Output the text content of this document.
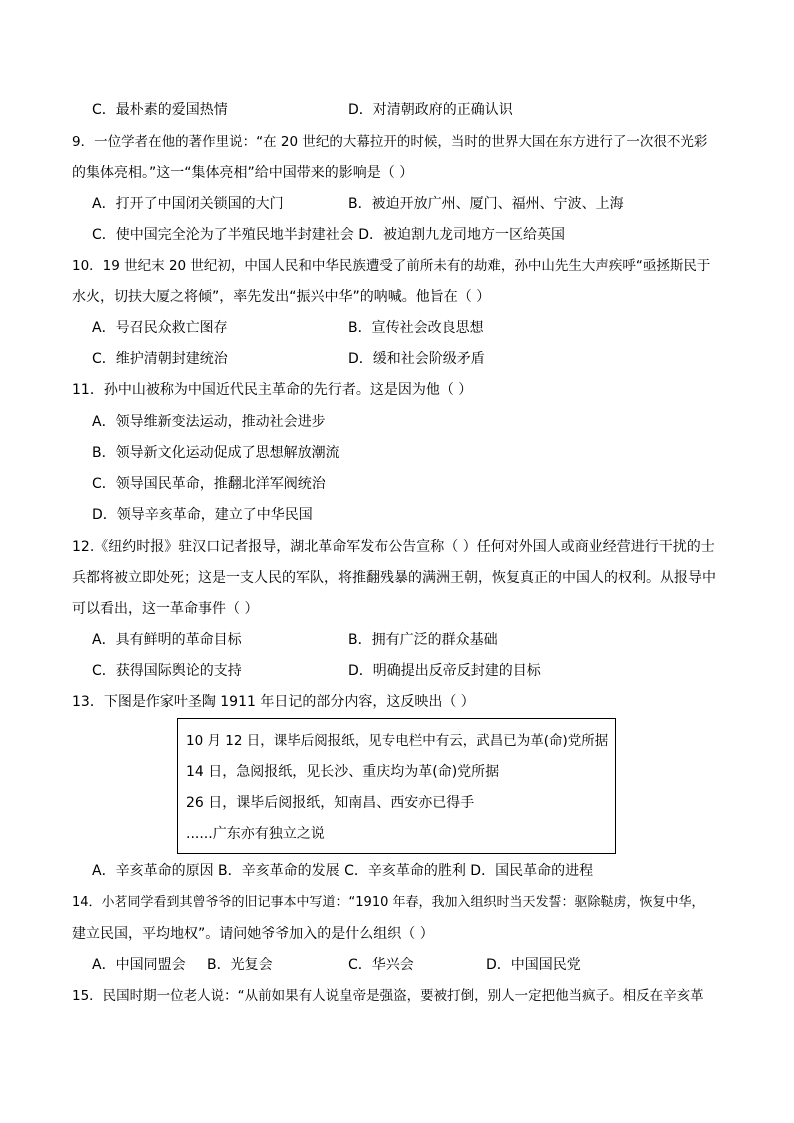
C．最朴素的爱国热情	D．对清朝政府的正确认识
9．一位学者在他的著作里说：“在 20 世纪的大幕拉开的时候，当时的世界大国在东方进行了一次很不光彩
的集体亮相。”这一“集体亮相”给中国带来的影响是（ ）
A．打开了中国闭关锁国的大门	B．被迫开放广州、厦门、福州、宁波、上海
C．使中国完全沦为了半殖民地半封建社会 D．被迫割九龙司地方一区给英国
10．19 世纪末 20 世纪初，中国人民和中华民族遭受了前所未有的劫难，孙中山先生大声疾呼“亟拯斯民于
水火，切扶大厦之将倾”，率先发出“振兴中华”的呐喊。他旨在（ ）
A．号召民众救亡图存	B．宣传社会改良思想
C．维护清朝封建统治	D．缓和社会阶级矛盾
11．孙中山被称为中国近代民主革命的先行者。这是因为他（ ）
A．领导维新变法运动，推动社会进步
B．领导新文化运动促成了思想解放潮流
C．领导国民革命，推翻北洋军阀统治
D．领导辛亥革命，建立了中华民国
12.《纽约时报》驻汉口记者报导，湖北革命军发布公告宣称（ ）任何对外国人或商业经营进行干扰的士
兵都将被立即处死；这是一支人民的军队，将推翻残暴的满洲王朝，恢复真正的中国人的权利。从报导中
可以看出，这一革命事件（ ）
A．具有鲜明的革命目标	B．拥有广泛的群众基础
C．获得国际舆论的支持	D．明确提出反帝反封建的目标
13．下图是作家叶圣陶 1911 年日记的部分内容，这反映出（ ）
10 月 12 日，课毕后阅报纸，见专电栏中有云，武昌已为革(命)党所据
14 日，急阅报纸，见长沙、重庆均为革(命)党所据
26 日，课毕后阅报纸，知南昌、西安亦已得手
......广东亦有独立之说
A．辛亥革命的原因 B．辛亥革命的发展 C．辛亥革命的胜利 D．国民革命的进程
14．小茗同学看到其曾爷爷的旧记事本中写道：“1910 年春，我加入组织时当天发誓：驱除鞑虏，恢复中华，
建立民国，平均地权”。请问她爷爷加入的是什么组织（ ）
A．中国同盟会 B．光复会	C．华兴会	D．中国国民党
15．民国时期一位老人说：“从前如果有人说皇帝是强盗，要被打倒，别人一定把他当疯子。相反在辛亥革
